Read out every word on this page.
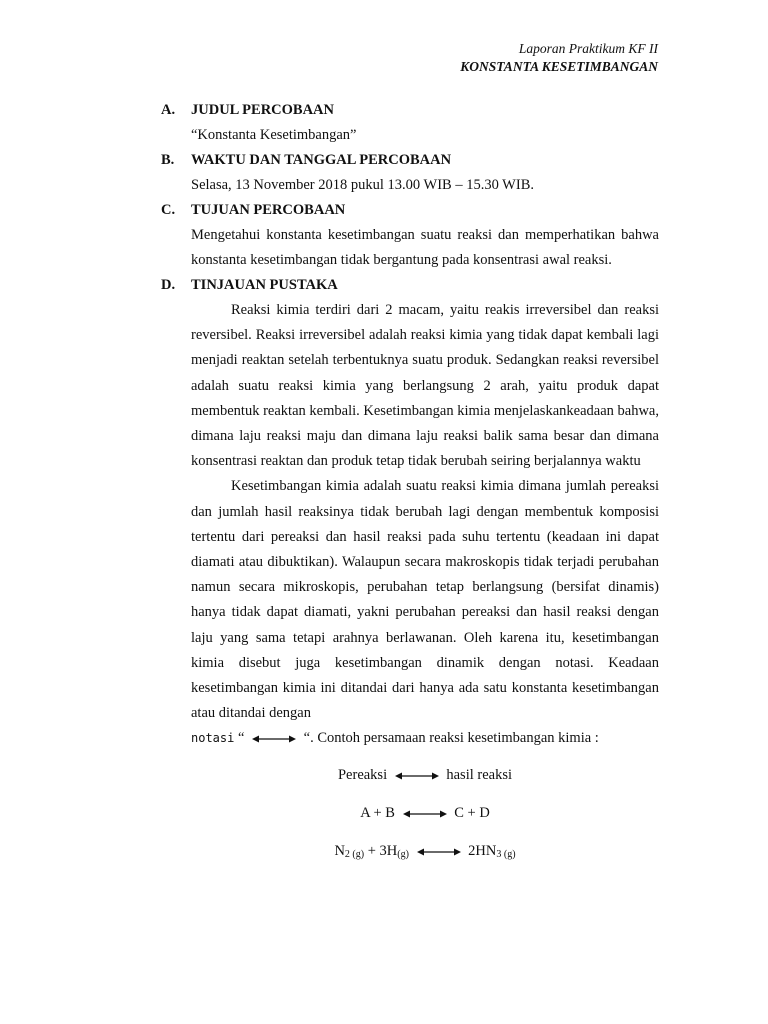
Laporan Praktikum KF II
KONSTANTA KESETIMBANGAN
A. JUDUL PERCOBAAN
“Konstanta Kesetimbangan”
B. WAKTU DAN TANGGAL PERCOBAAN
Selasa, 13 November 2018 pukul 13.00 WIB – 15.30 WIB.
C. TUJUAN PERCOBAAN
Mengetahui konstanta kesetimbangan suatu reaksi dan memperhatikan bahwa konstanta kesetimbangan tidak bergantung pada konsentrasi awal reaksi.
D. TINJAUAN PUSTAKA
Reaksi kimia terdiri dari 2 macam, yaitu reakis irreversibel dan reaksi reversibel. Reaksi irreversibel adalah reaksi kimia yang tidak dapat kembali lagi menjadi reaktan setelah terbentuknya suatu produk. Sedangkan reaksi reversibel adalah suatu reaksi kimia yang berlangsung 2 arah, yaitu produk dapat membentuk reaktan kembali. Kesetimbangan kimia menjelaskankeadaan bahwa, dimana laju reaksi maju dan dimana laju reaksi balik sama besar dan dimana konsentrasi reaktan dan produk tetap tidak berubah seiring berjalannya waktu
Kesetimbangan kimia adalah suatu reaksi kimia dimana jumlah pereaksi dan jumlah hasil reaksinya tidak berubah lagi dengan membentuk komposisi tertentu dari pereaksi dan hasil reaksi pada suhu tertentu (keadaan ini dapat diamati atau dibuktikan). Walaupun secara makroskopis tidak terjadi perubahan namun secara mikroskopis, perubahan tetap berlangsung (bersifat dinamis) hanya tidak dapat diamati, yakni perubahan pereaksi dan hasil reaksi dengan laju yang sama tetapi arahnya berlawanan. Oleh karena itu, kesetimbangan kimia disebut juga kesetimbangan dinamik dengan notasi. Keadaan kesetimbangan kimia ini ditandai dari hanya ada satu konstanta kesetimbangan atau ditandai dengan
notasi “	“. Contoh persamaan reaksi kesetimbangan kimia :
Pereaksi	hasil reaksi
A + B	C + D
$N_{2 (g)} + 3H_{(g)}$	$2HN_{3 (g)}$
